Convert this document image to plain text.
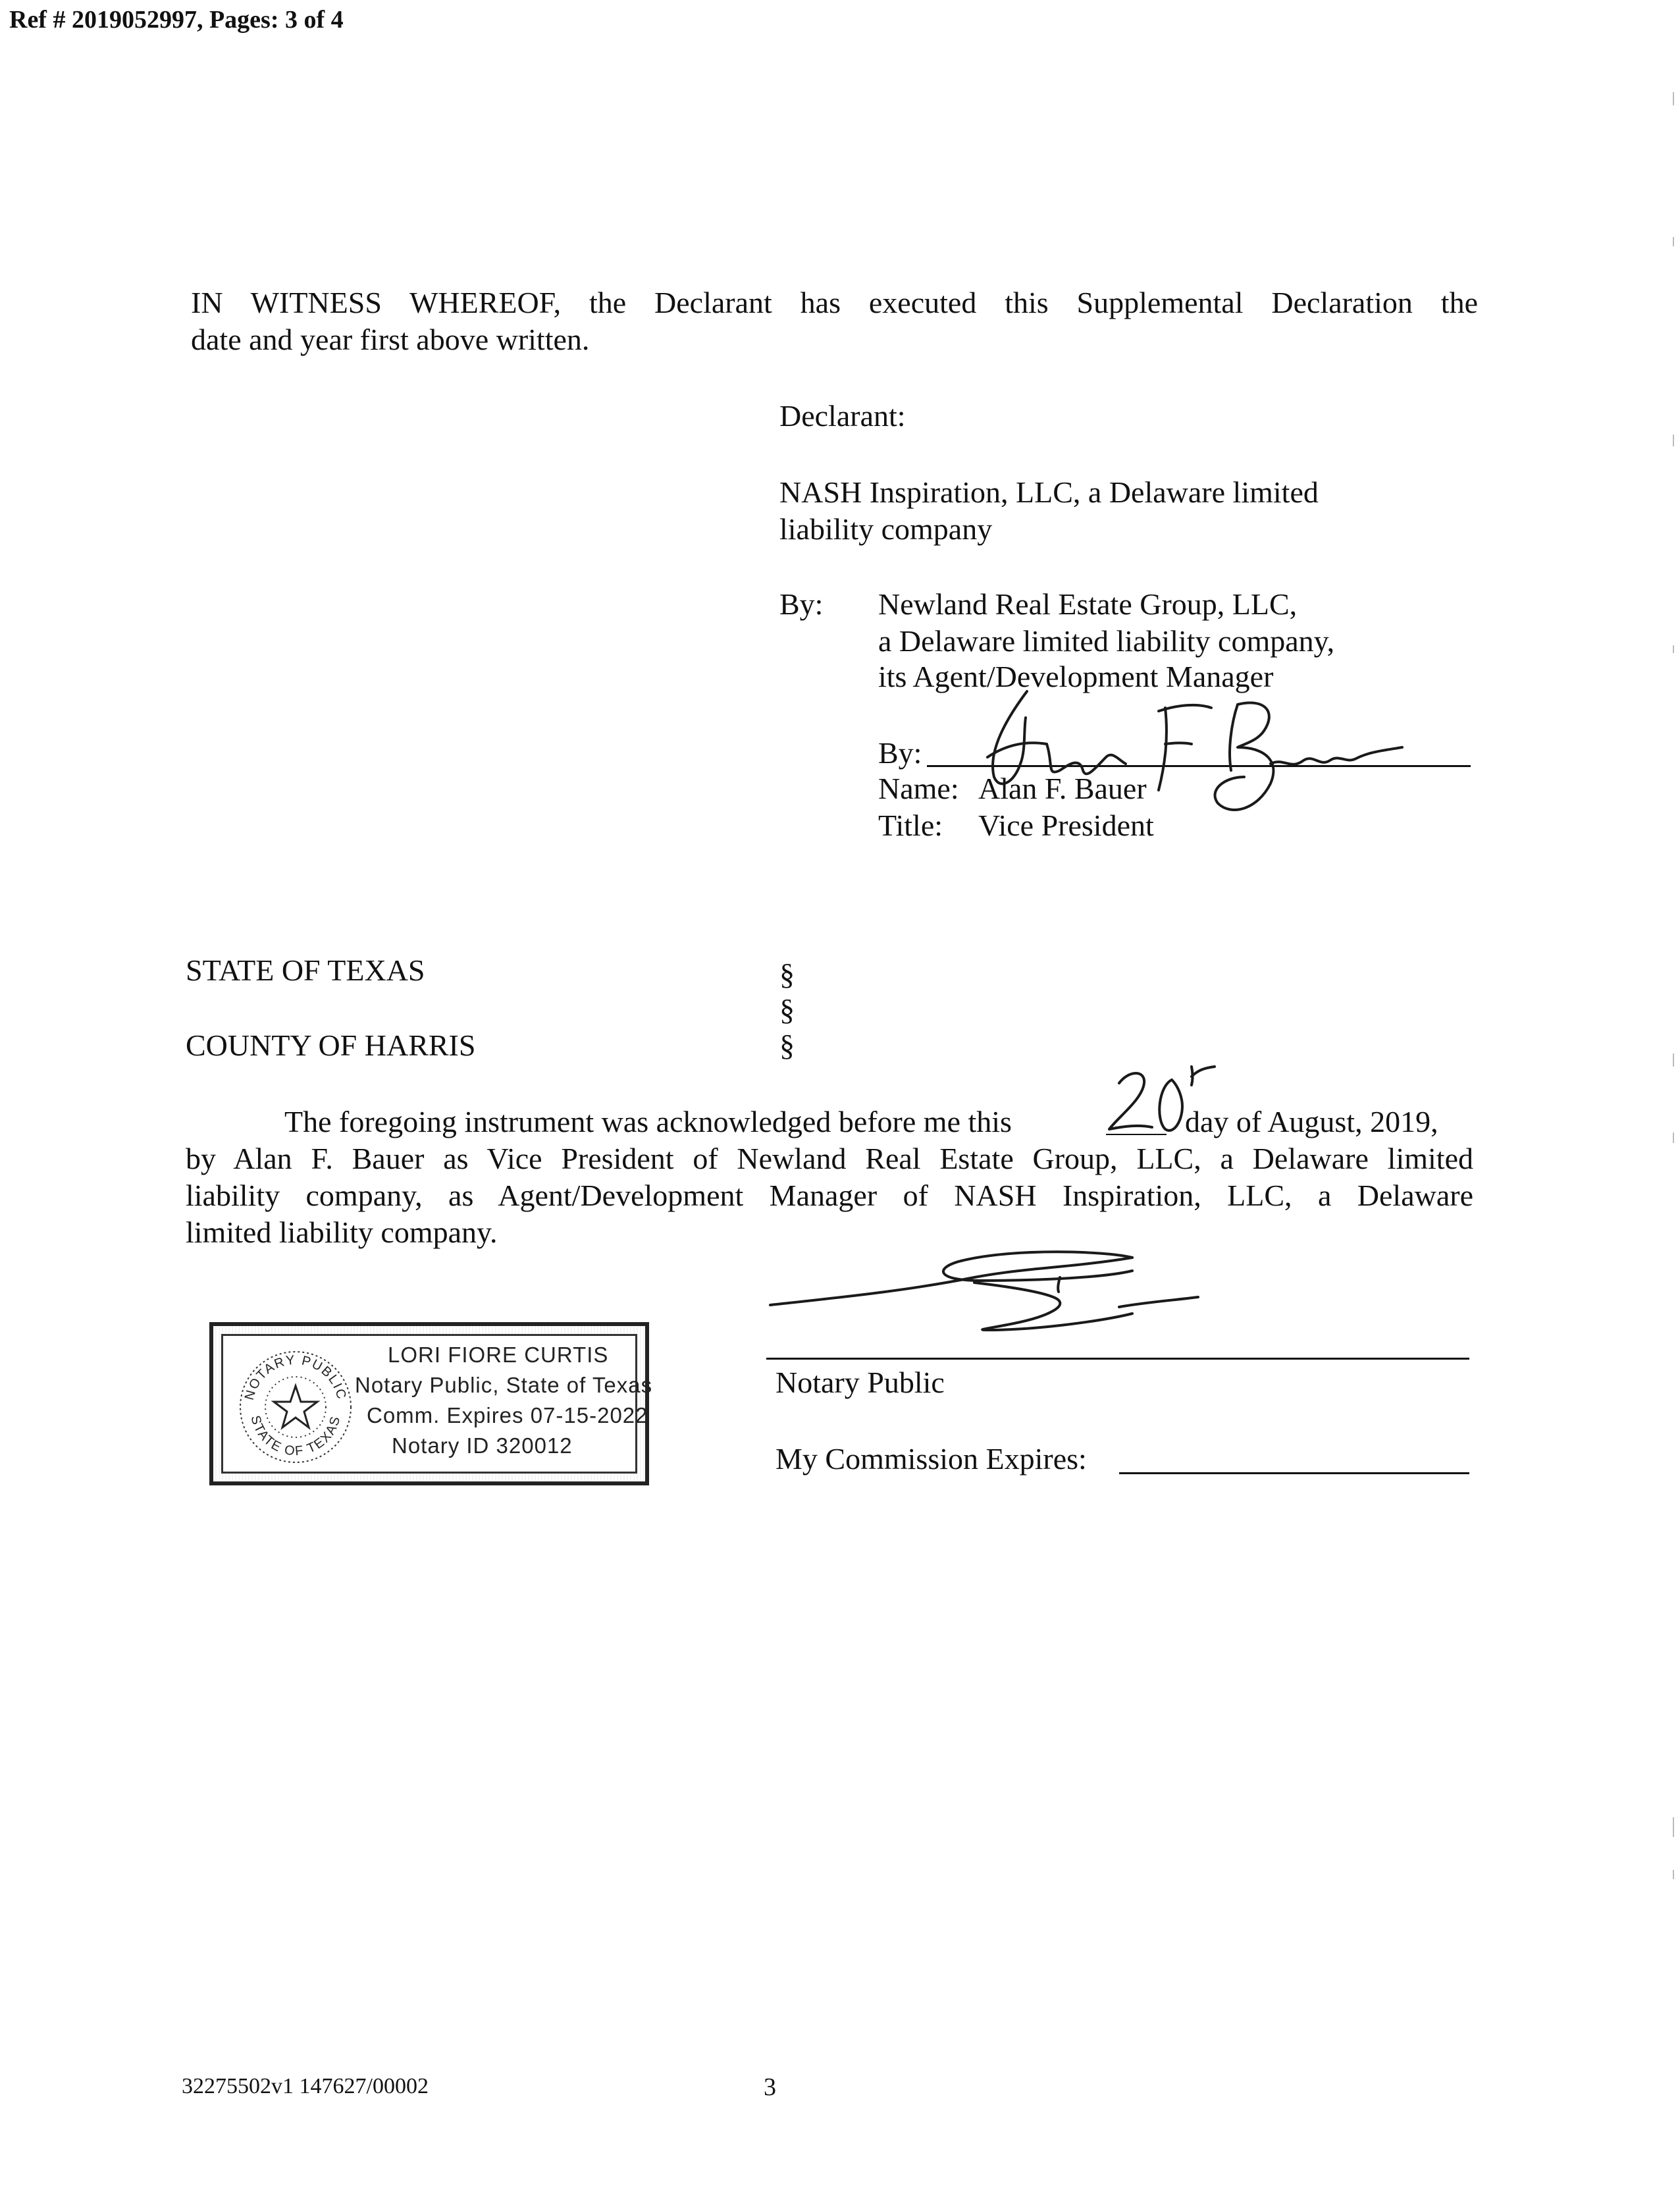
Ref # 2019052997, Pages: 3 of 4
IN WITNESS WHEREOF, the Declarant has executed this Supplemental Declaration the
date and year first above written.
Declarant:
NASH Inspiration, LLC, a Delaware limited
liability company
By: Newland Real Estate Group, LLC,
a Delaware limited liability company,
its Agent/Development Manager
By:
Name: Alan F. Bauer
Title: Vice President
STATE OF TEXAS
COUNTY OF HARRIS
§
§
§
The foregoing instrument was acknowledged before me this	day of August, 2019,
by Alan F. Bauer as Vice President of Newland Real Estate Group, LLC, a Delaware limited
liability company, as Agent/Development Manager of NASH Inspiration, LLC, a Delaware
limited liability company.
Notary Public
My Commission Expires:
NOTARY PUBLIC
STATE OF TEXAS
LORI FIORE CURTIS
Notary Public, State of Texas
Comm. Expires 07-15-2022
Notary ID 320012
32275502v1 147627/00002	3
